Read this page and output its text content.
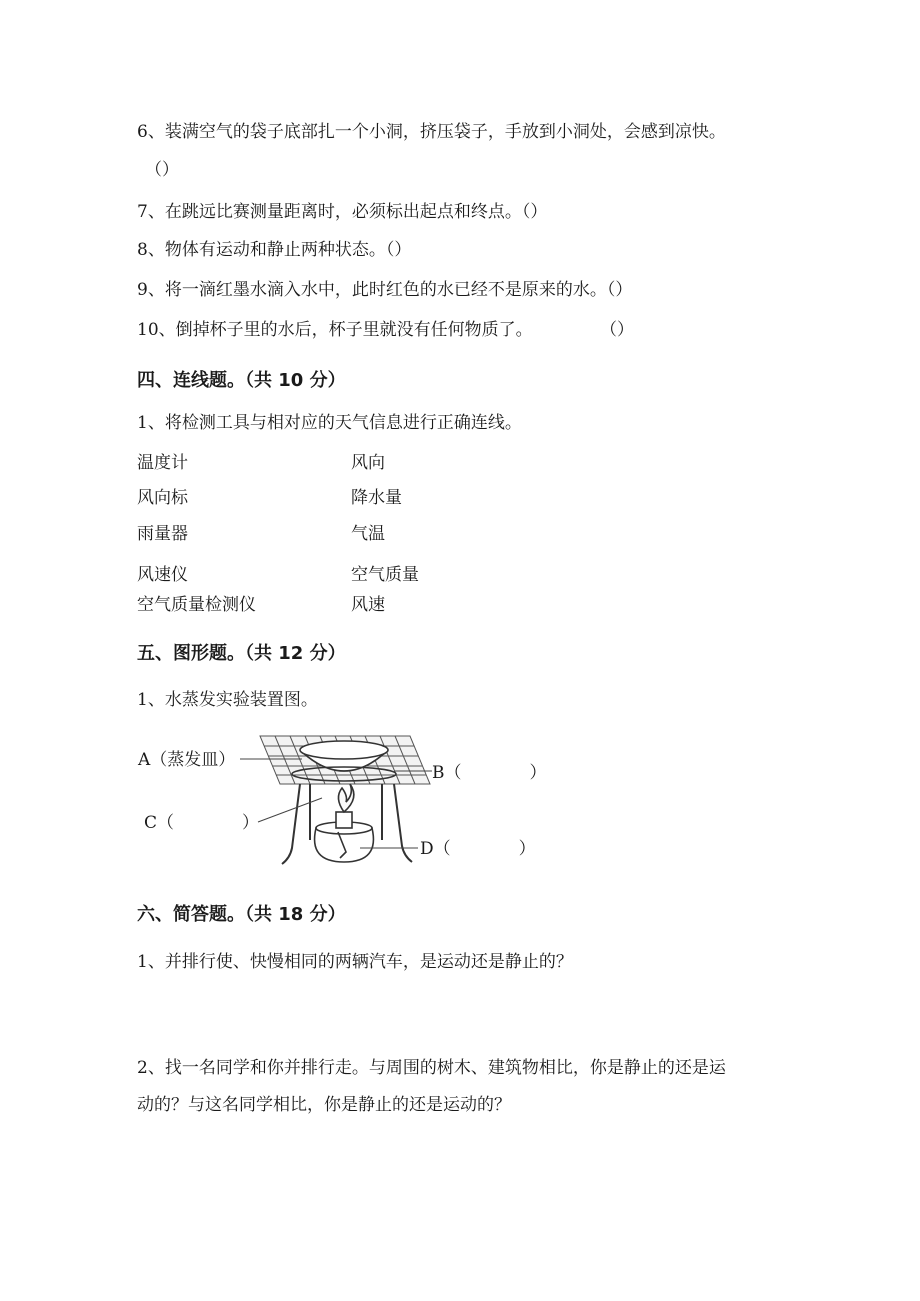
6、装满空气的袋子底部扎一个小洞，挤压袋子，手放到小洞处，会感到凉快。
（）
7、在跳远比赛测量距离时，必须标出起点和终点。（）
8、物体有运动和静止两种状态。（）
9、将一滴红墨水滴入水中，此时红色的水已经不是原来的水。（）
10、倒掉杯子里的水后，杯子里就没有任何物质了。	（）
四、连线题。（共 10 分）
1、将检测工具与相对应的天气信息进行正确连线。
温度计
风向标
雨量器
风速仪
空气质量检测仪
风向
降水量
气温
空气质量
风速
五、图形题。（共 12 分）
1、水蒸发实验装置图。
A（蒸发皿）
B（　　　　）
C（　　　　）
D（　　　　）
六、简答题。（共 18 分）
1、并排行使、快慢相同的两辆汽车，是运动还是静止的？
2、找一名同学和你并排行走。与周围的树木、建筑物相比，你是静止的还是运
动的？与这名同学相比，你是静止的还是运动的？
